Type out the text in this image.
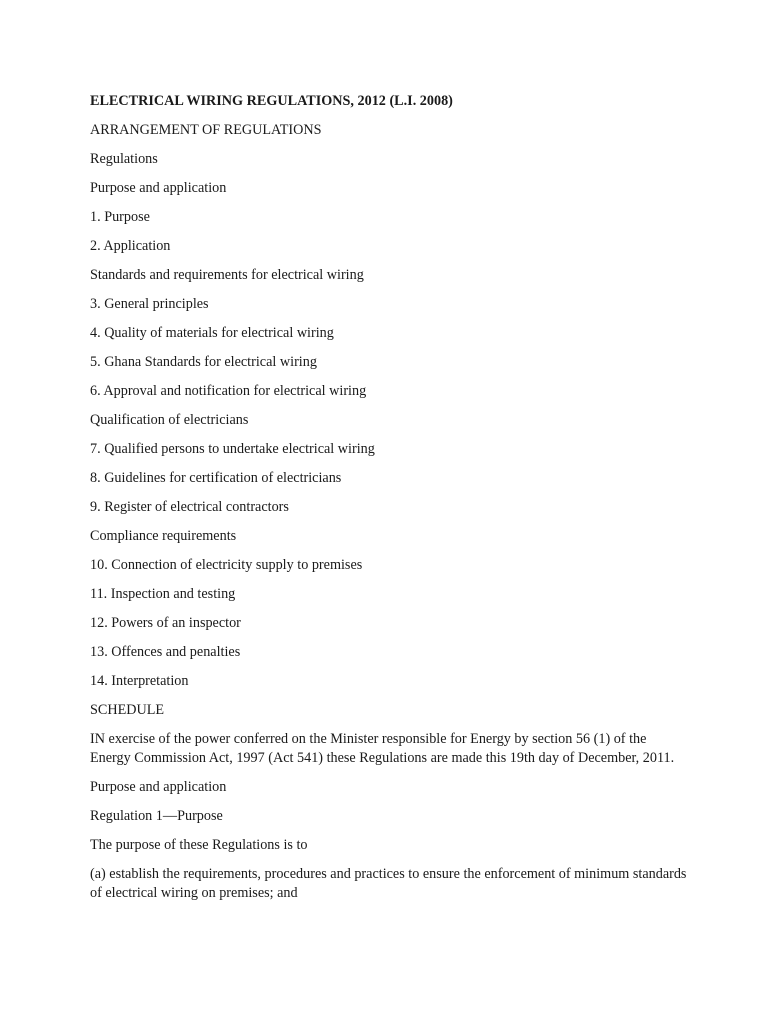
ELECTRICAL WIRING REGULATIONS, 2012 (L.I. 2008)
ARRANGEMENT OF REGULATIONS
Regulations
Purpose and application
1. Purpose
2. Application
Standards and requirements for electrical wiring
3. General principles
4. Quality of materials for electrical wiring
5. Ghana Standards for electrical wiring
6. Approval and notification for electrical wiring
Qualification of electricians
7. Qualified persons to undertake electrical wiring
8. Guidelines for certification of electricians
9. Register of electrical contractors
Compliance requirements
10. Connection of electricity supply to premises
11. Inspection and testing
12. Powers of an inspector
13. Offences and penalties
14. Interpretation
SCHEDULE
IN exercise of the power conferred on the Minister responsible for Energy by section 56 (1) of the Energy Commission Act, 1997 (Act 541) these Regulations are made this 19th day of December, 2011.
Purpose and application
Regulation 1—Purpose
The purpose of these Regulations is to
(a) establish the requirements, procedures and practices to ensure the enforcement of minimum standards of electrical wiring on premises; and
